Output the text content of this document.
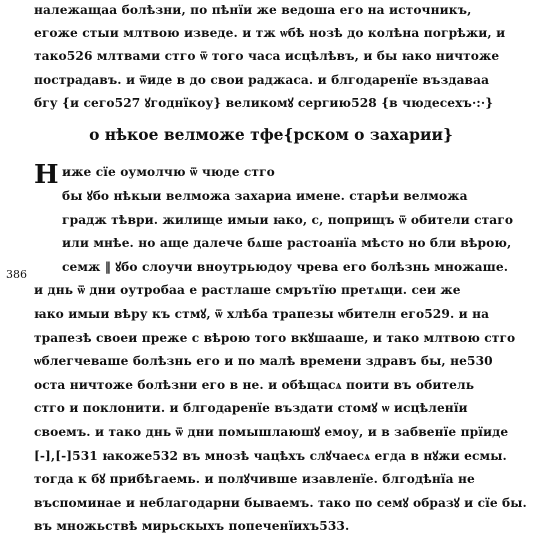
належащаа болѣзни, по пѣнїи же ведоша его на источникъ,
егоже стыи млтвою изведе. и тж ѡбѣ нозѣ до колѣна погрѣжи, и
тако526 млтвами стго ѿ того часа исцѣлѣвъ, и бы ꙗко ничтоже
пострадавъ. и ѿиде в до свои раджаса. и блгодаренїе въздаваа
бгу {и сего527 ꙋгоднїкоу} великомꙋ сергию528 {в чюдесехъ·:·}
о нѣкое велможе тфе{рском о захарии}
Н иже сїе оумолчю ѿ чюде стго
бы ꙋбо нѣкыи велможа захариа имене. старѣи велможа
градж тѣври. жилище имыи ꙗко, с, поприщъ ѿ обители стаго
или мнѣе. но аще далече бѧше растоанїа мѣсто но бли вѣрою,
семж ‖ ꙋбо слоучи вноутрьюдоу чрева его болѣзнь множаше.
и днь ѿ дни оутробаа е растлаше смрътїю претѧщи. сеи же
ꙗко имыи вѣру къ стмꙋ, ѿ хлѣба трапезы ѡбителн его529. и на
трапезѣ своеи преже с вѣрою того вкꙋшааше, и тако млтвою стго
ѡблегчеваше болѣзнь его и по малѣ времени здравъ бы, не530
оста ничтоже болѣзни его в не. и обѣщасѧ поити въ обитель
стго и поклонити. и блгодаренїе въздати стомꙋ ѡ исцѣленїи
своемъ. и тако днь ѿ дни помышлаюшꙋ емоу, и в забвенїе прїиде
[-],[-]531 ꙗкоже532 въ мнозѣ чацѣхъ слꙋчаесѧ егда в нꙋжи есмы.
тогда к бꙋ прибѣгаемь. и полꙋчивше изавленїе. блгодѣнїа не
въспоминае и неблагодарни бываемъ. тако по семꙋ образꙋ и сїе бы.
въ множьствѣ мирьскыхъ попеченїихъ533.
386
